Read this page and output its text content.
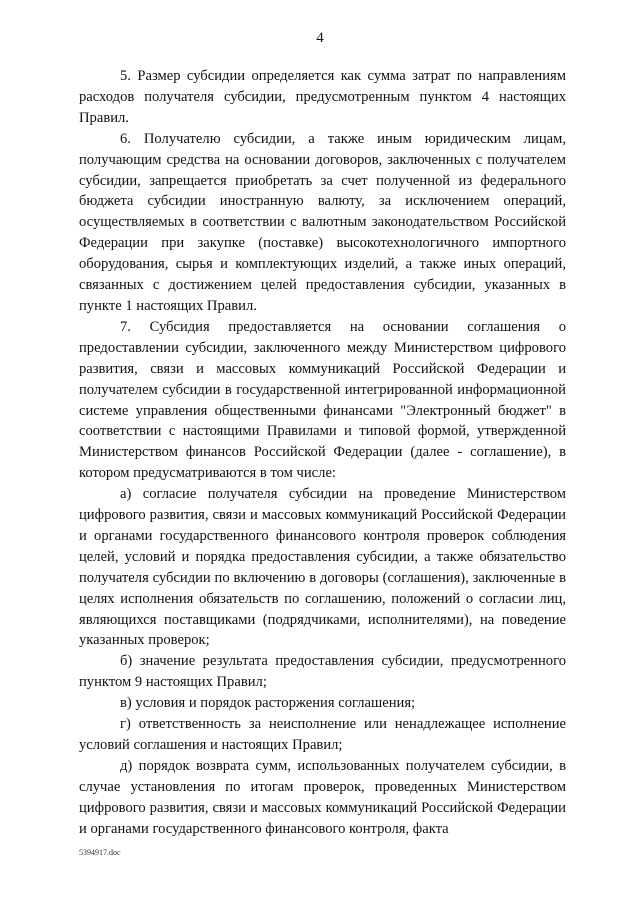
4

5. Размер субсидии определяется как сумма затрат по направлениям расходов получателя субсидии, предусмотренным пунктом 4 настоящих Правил.

6. Получателю субсидии, а также иным юридическим лицам, получающим средства на основании договоров, заключенных с получателем субсидии, запрещается приобретать за счет полученной из федерального бюджета субсидии иностранную валюту, за исключением операций, осуществляемых в соответствии с валютным законодательством Российской Федерации при закупке (поставке) высокотехнологичного импортного оборудования, сырья и комплектующих изделий, а также иных операций, связанных с достижением целей предоставления субсидии, указанных в пункте 1 настоящих Правил.

7. Субсидия предоставляется на основании соглашения о предоставлении субсидии, заключенного между Министерством цифрового развития, связи и массовых коммуникаций Российской Федерации и получателем субсидии в государственной интегрированной информационной системе управления общественными финансами "Электронный бюджет" в соответствии с настоящими Правилами и типовой формой, утвержденной Министерством финансов Российской Федерации (далее - соглашение), в котором предусматриваются в том числе:

а) согласие получателя субсидии на проведение Министерством цифрового развития, связи и массовых коммуникаций Российской Федерации и органами государственного финансового контроля проверок соблюдения целей, условий и порядка предоставления субсидии, а также обязательство получателя субсидии по включению в договоры (соглашения), заключенные в целях исполнения обязательств по соглашению, положений о согласии лиц, являющихся поставщиками (подрядчиками, исполнителями), на поведение указанных проверок;

б) значение результата предоставления субсидии, предусмотренного пунктом 9 настоящих Правил;

в) условия и порядок расторжения соглашения;

г) ответственность за неисполнение или ненадлежащее исполнение условий соглашения и настоящих Правил;

д) порядок возврата сумм, использованных получателем субсидии, в случае установления по итогам проверок, проведенных Министерством цифрового развития, связи и массовых коммуникаций Российской Федерации и органами государственного финансового контроля, факта

5394917.doc
